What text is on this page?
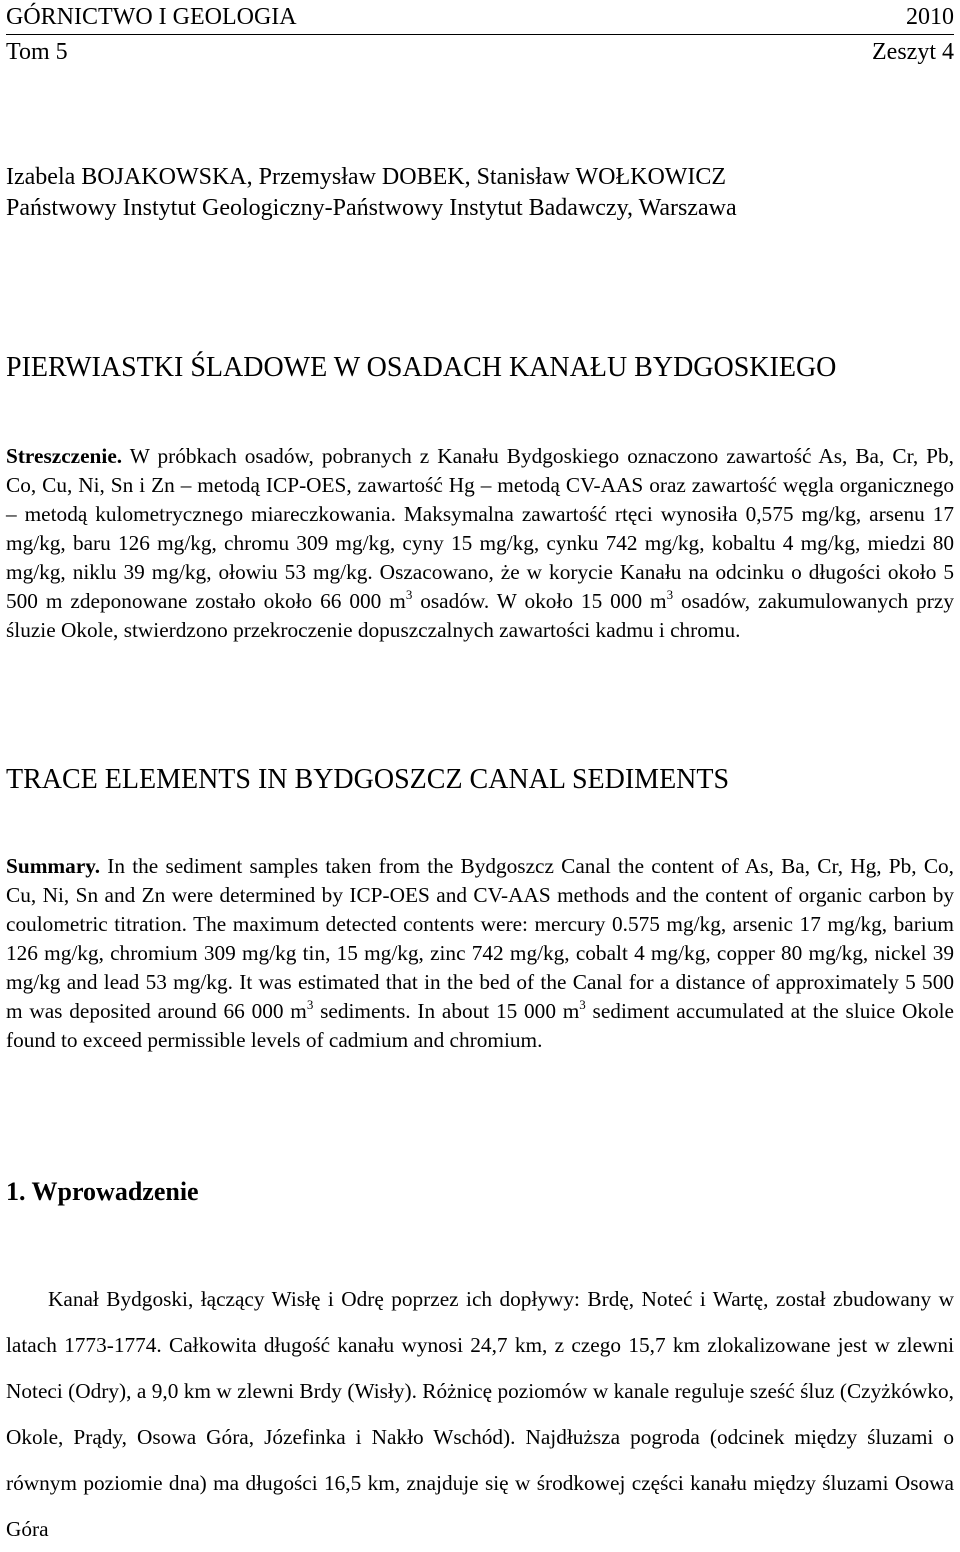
GÓRNICTWO I GEOLOGIA	2010
Tom 5	Zeszyt 4
Izabela BOJAKOWSKA, Przemysław DOBEK, Stanisław WOŁKOWICZ
Państwowy Instytut Geologiczny-Państwowy Instytut Badawczy, Warszawa
PIERWIASTKI ŚLADOWE W OSADACH KANAŁU BYDGOSKIEGO
Streszczenie. W próbkach osadów, pobranych z Kanału Bydgoskiego oznaczono zawartość As, Ba, Cr, Pb, Co, Cu, Ni, Sn i Zn – metodą ICP-OES, zawartość Hg – metodą CV-AAS oraz zawartość węgla organicznego – metodą kulometrycznego miareczkowania. Maksymalna zawartość rtęci wynosiła 0,575 mg/kg, arsenu 17 mg/kg, baru 126 mg/kg, chromu 309 mg/kg, cyny 15 mg/kg, cynku 742 mg/kg, kobaltu 4 mg/kg, miedzi 80 mg/kg, niklu 39 mg/kg, ołowiu 53 mg/kg. Oszacowano, że w korycie Kanału na odcinku o długości około 5 500 m zdeponowane zostało około 66 000 $m^3$ osadów. W około 15 000 $m^3$ osadów, zakumulowanych przy śluzie Okole, stwierdzono przekroczenie dopuszczalnych zawartości kadmu i chromu.
TRACE ELEMENTS IN BYDGOSZCZ CANAL SEDIMENTS
Summary. In the sediment samples taken from the Bydgoszcz Canal the content of As, Ba, Cr, Hg, Pb, Co, Cu, Ni, Sn and Zn were determined by ICP-OES and CV-AAS methods and the content of organic carbon by coulometric titration. The maximum detected contents were: mercury 0.575 mg/kg, arsenic 17 mg/kg, barium 126 mg/kg, chromium 309 mg/kg tin, 15 mg/kg, zinc 742 mg/kg, cobalt 4 mg/kg, copper 80 mg/kg, nickel 39 mg/kg and lead 53 mg/kg. It was estimated that in the bed of the Canal for a distance of approximately 5 500 m was deposited around 66 000 $m^3$ sediments. In about 15 000 $m^3$ sediment accumulated at the sluice Okole found to exceed permissible levels of cadmium and chromium.
1. Wprowadzenie
Kanał Bydgoski, łączący Wisłę i Odrę poprzez ich dopływy: Brdę, Noteć i Wartę, został zbudowany w latach 1773-1774. Całkowita długość kanału wynosi 24,7 km, z czego 15,7 km zlokalizowane jest w zlewni Noteci (Odry), a 9,0 km w zlewni Brdy (Wisły). Różnicę poziomów w kanale reguluje sześć śluz (Czyżkówko, Okole, Prądy, Osowa Góra, Józefinka i Nakło Wschód). Najdłuższa pogroda (odcinek między śluzami o równym poziomie dna) ma długości 16,5 km, znajduje się w środkowej części kanału między śluzami Osowa Góra
